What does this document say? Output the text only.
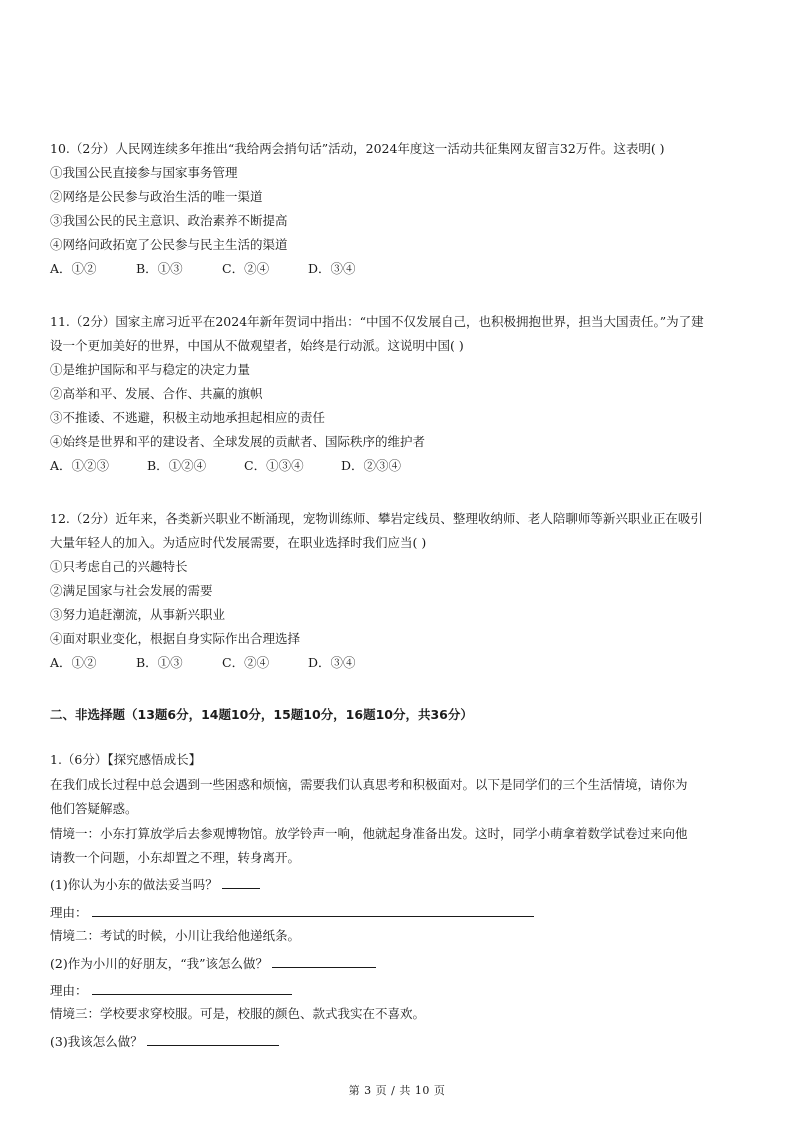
10.（2分）人民网连续多年推出“我给两会捎句话”活动，2024年度这一活动共征集网友留言32万件。这表明( )
①我国公民直接参与国家事务管理
②网络是公民参与政治生活的唯一渠道
③我国公民的民主意识、政治素养不断提高
④网络问政拓宽了公民参与民主生活的渠道
A．①②	B．①③	C．②④	D．③④
11.（2分）国家主席习近平在2024年新年贺词中指出：“中国不仅发展自己，也积极拥抱世界，担当大国责任。”为了建
设一个更加美好的世界，中国从不做观望者，始终是行动派。这说明中国( )
①是维护国际和平与稳定的决定力量
②高举和平、发展、合作、共赢的旗帜
③不推诿、不逃避，积极主动地承担起相应的责任
④始终是世界和平的建设者、全球发展的贡献者、国际秩序的维护者
A．①②③	B．①②④	C．①③④	D．②③④
12.（2分）近年来，各类新兴职业不断涌现，宠物训练师、攀岩定线员、整理收纳师、老人陪聊师等新兴职业正在吸引
大量年轻人的加入。为适应时代发展需要，在职业选择时我们应当( )
①只考虑自己的兴趣特长
②满足国家与社会发展的需要
③努力追赶潮流，从事新兴职业
④面对职业变化，根据自身实际作出合理选择
A．①②	B．①③	C．②④	D．③④
二、非选择题（13题6分，14题10分，15题10分，16题10分，共36分）
1.（6分）【探究感悟成长】
在我们成长过程中总会遇到一些困惑和烦恼，需要我们认真思考和积极面对。以下是同学们的三个生活情境，请你为
他们答疑解惑。
情境一：小东打算放学后去参观博物馆。放学铃声一响，他就起身准备出发。这时，同学小萌拿着数学试卷过来向他
请教一个问题，小东却置之不理，转身离开。
(1)你认为小东的做法妥当吗？
理由：
情境二：考试的时候，小川让我给他递纸条。
(2)作为小川的好朋友，“我”该怎么做？
理由：
情境三：学校要求穿校服。可是，校服的颜色、款式我实在不喜欢。
(3)我该怎么做？
第 3 页 / 共 10 页
